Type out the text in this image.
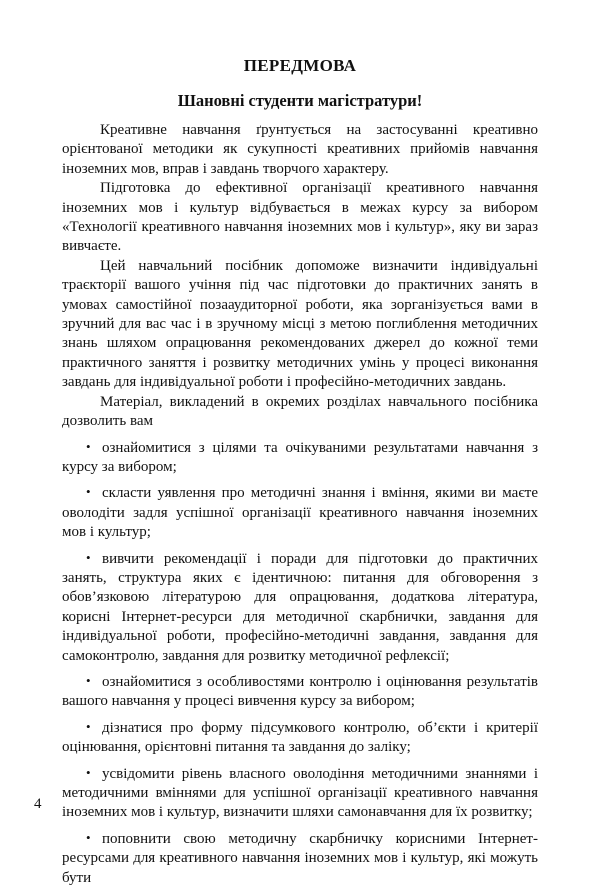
ПЕРЕДМОВА
Шановні студенти магістратури!

Креативне навчання ґрунтується на застосуванні креативно орієнтованої методики як сукупності креативних прийомів навчання іноземних мов, вправ і завдань творчого характеру.

Підготовка до ефективної організації креативного навчання іноземних мов і культур відбувається в межах курсу за вибором «Технології креативного навчання іноземних мов і культур», яку ви зараз вивчаєте.

Цей навчальний посібник допоможе визначити індивідуальні траєкторії вашого учіння під час підготовки до практичних занять в умовах самостійної позааудиторної роботи, яка зорганізується вами в зручний для вас час і в зручному місці з метою поглиблення методичних знань шляхом опрацювання рекомендованих джерел до кожної теми практичного заняття і розвитку методичних умінь у процесі виконання завдань для індивідуальної роботи і професійно-методичних завдань.

Матеріал, викладений в окремих розділах навчального посібника дозволить вам

• ознайомитися з цілями та очікуваними результатами навчання з курсу за вибором;
• скласти уявлення про методичні знання і вміння, якими ви маєте оволодіти задля успішної організації креативного навчання іноземних мов і культур;
• вивчити рекомендації і поради для підготовки до практичних занять, структура яких є ідентичною: питання для обговорення з обов’язковою літературою для опрацювання, додаткова література, корисні Інтернет-ресурси для методичної скарбнички, завдання для індивідуальної роботи, професійно-методичні завдання, завдання для самоконтролю, завдання для розвитку методичної рефлексії;
• ознайомитися з особливостями контролю і оцінювання результатів вашого навчання у процесі вивчення курсу за вибором;
• дізнатися про форму підсумкового контролю, об’єкти і критерії оцінювання, орієнтовні питання та завдання до заліку;
• усвідомити рівень власного оволодіння методичними знаннями і методичними вміннями для успішної організації креативного навчання іноземних мов і культур, визначити шляхи самонавчання для їх розвитку;
• поповнити свою методичну скарбничку корисними Інтернет-ресурсами для креативного навчання іноземних мов і культур, які можуть бути
4
